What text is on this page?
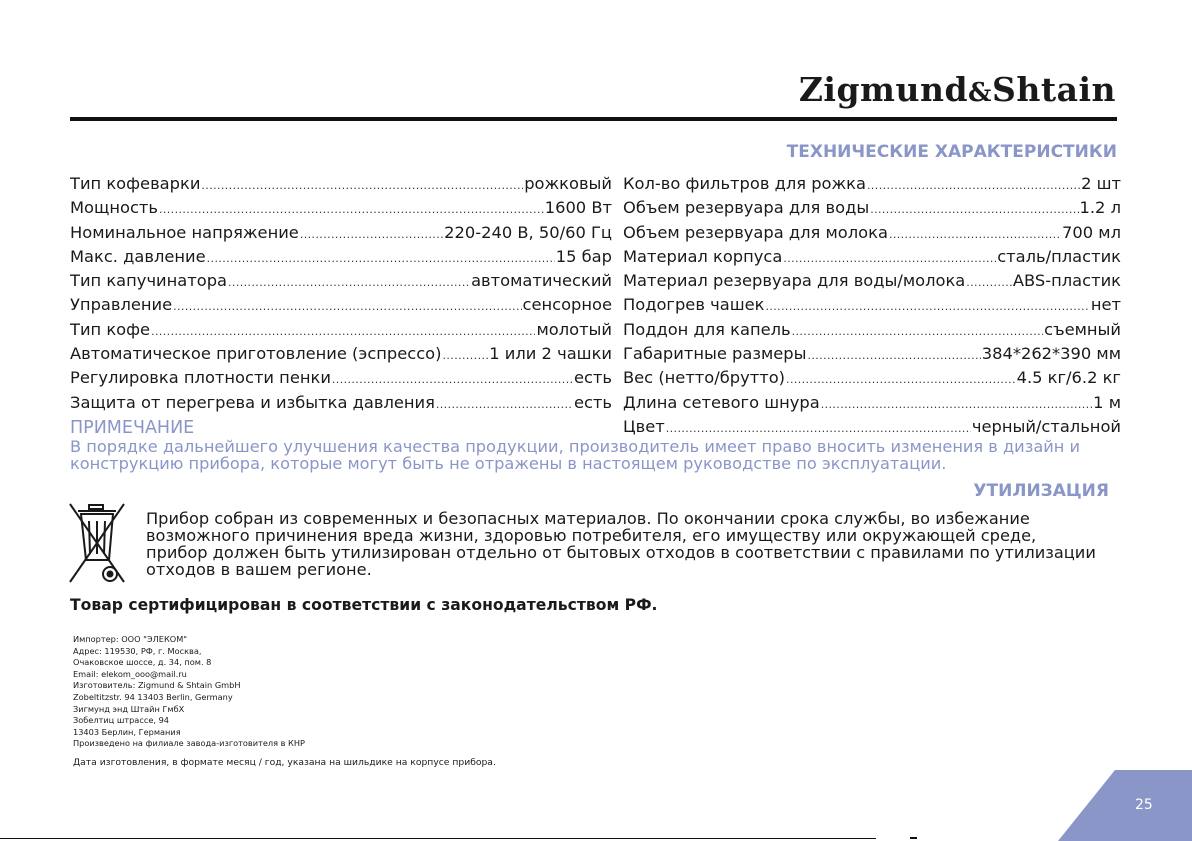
Zigmund&Shtain
ТЕХНИЧЕСКИЕ ХАРАКТЕРИСТИКИ
Тип кофеварки .....	рожковый
Мощность .....	1600 Вт
Номинальное напряжение .....	220-240 В, 50/60 Гц
Макс. давление .....	15 бар
Тип капучинатора .....	автоматический
Управление .....	сенсорное
Тип кофе .....	молотый
Автоматическое приготовление (эспрессо) .....	1 или 2 чашки
Регулировка плотности пенки .....	есть
Защита от перегрева и избытка давления .....	есть
Кол-во фильтров для рожка .....	2 шт
Объем резервуара для воды .....	1.2 л
Объем резервуара для молока .....	700 мл
Материал корпуса .....	сталь/пластик
Материал резервуара для воды/молока .....	ABS-пластик
Подогрев чашек .....	нет
Поддон для капель .....	съемный
Габаритные размеры .....	384*262*390 мм
Вес (нетто/брутто) .....	4.5 кг/6.2 кг
Длина сетевого шнура .....	1 м
Цвет .....	черный/стальной
ПРИМЕЧАНИЕ
В порядке дальнейшего улучшения качества продукции, производитель имеет право вносить изменения в дизайн и конструкцию прибора, которые могут быть не отражены в настоящем руководстве по эксплуатации.
УТИЛИЗАЦИЯ
Прибор собран из современных и безопасных материалов. По окончании срока службы, во избежание возможного причинения вреда жизни, здоровью потребителя, его имуществу или окружающей среде, прибор должен быть утилизирован отдельно от бытовых отходов в соответствии с правилами по утилизации отходов в вашем регионе.
Товар сертифицирован в соответствии с законодательством РФ.
Импортер: ООО "ЭЛЕКОМ"
Адрес: 119530, РФ, г. Москва,
Очаковское шоссе, д. 34, пом. 8
Email: elekom_ooo@mail.ru
Изготовитель: Zigmund & Shtain GmbH
Zobeltitzstr. 94 13403 Berlin, Germany
Зигмунд энд Штайн ГмбХ
Зобелтиц штрассе, 94
13403 Берлин, Германия
Произведено на филиале завода-изготовителя в КНР
Дата изготовления, в формате месяц / год, указана на шильдике на корпусе прибора.
25
